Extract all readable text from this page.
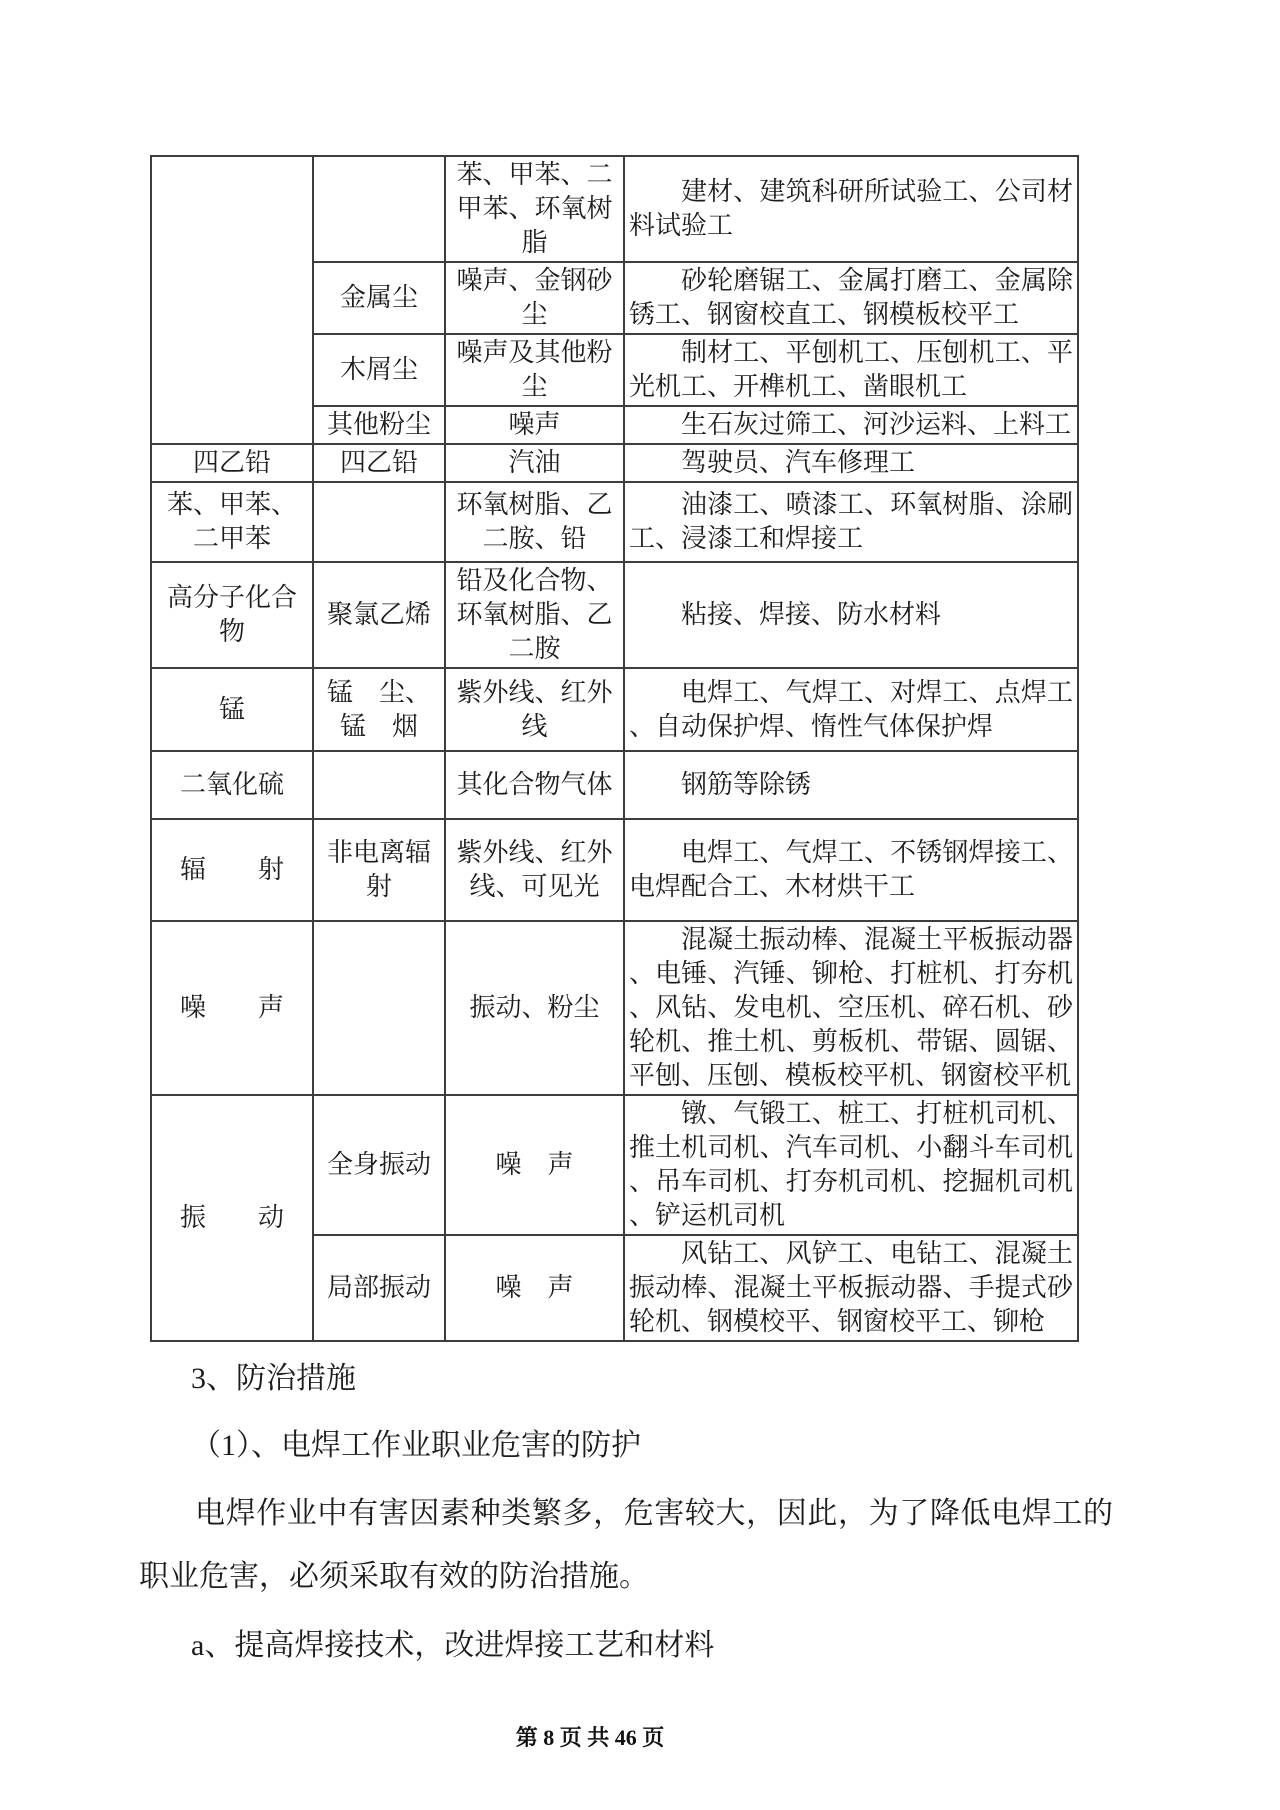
		苯、甲苯、二甲苯、环氧树脂	建材、建筑科研所试验工、公司材料试验工
	金属尘	噪声、金钢砂尘	砂轮磨锯工、金属打磨工、金属除锈工、钢窗校直工、钢模板校平工
	木屑尘	噪声及其他粉尘	制材工、平刨机工、压刨机工、平光机工、开榫机工、凿眼机工
	其他粉尘	噪声	生石灰过筛工、河沙运料、上料工
四乙铅	四乙铅	汽油	驾驶员、汽车修理工
苯、甲苯、二甲苯		环氧树脂、乙二胺、铅	油漆工、喷漆工、环氧树脂、涂刷工、浸漆工和焊接工
高分子化合物	聚氯乙烯	铅及化合物、环氧树脂、乙二胺	粘接、焊接、防水材料
锰	锰　尘、锰　烟	紫外线、红外线	电焊工、气焊工、对焊工、点焊工、自动保护焊、惰性气体保护焊
二氧化硫		其化合物气体	钢筋等除锈
辐　　射	非电离辐射	紫外线、红外线、可见光	电焊工、气焊工、不锈钢焊接工、电焊配合工、木材烘干工
噪　　声		振动、粉尘	混凝土振动棒、混凝土平板振动器、电锤、汽锤、铆枪、打桩机、打夯机、风钻、发电机、空压机、碎石机、砂轮机、推土机、剪板机、带锯、圆锯、平刨、压刨、模板校平机、钢窗校平机
振　　动	全身振动	噪　声	镦、气锻工、桩工、打桩机司机、推土机司机、汽车司机、小翻斗车司机、吊车司机、打夯机司机、挖掘机司机、铲运机司机
	局部振动	噪　声	风钻工、风铲工、电钻工、混凝土振动棒、混凝土平板振动器、手提式砂轮机、钢模校平、钢窗校平工、铆枪
3、防治措施
（1）、电焊工作业职业危害的防护
电焊作业中有害因素种类繁多，危害较大，因此，为了降低电焊工的职业危害，必须采取有效的防治措施。
a、提高焊接技术，改进焊接工艺和材料
第 8 页 共 46 页
